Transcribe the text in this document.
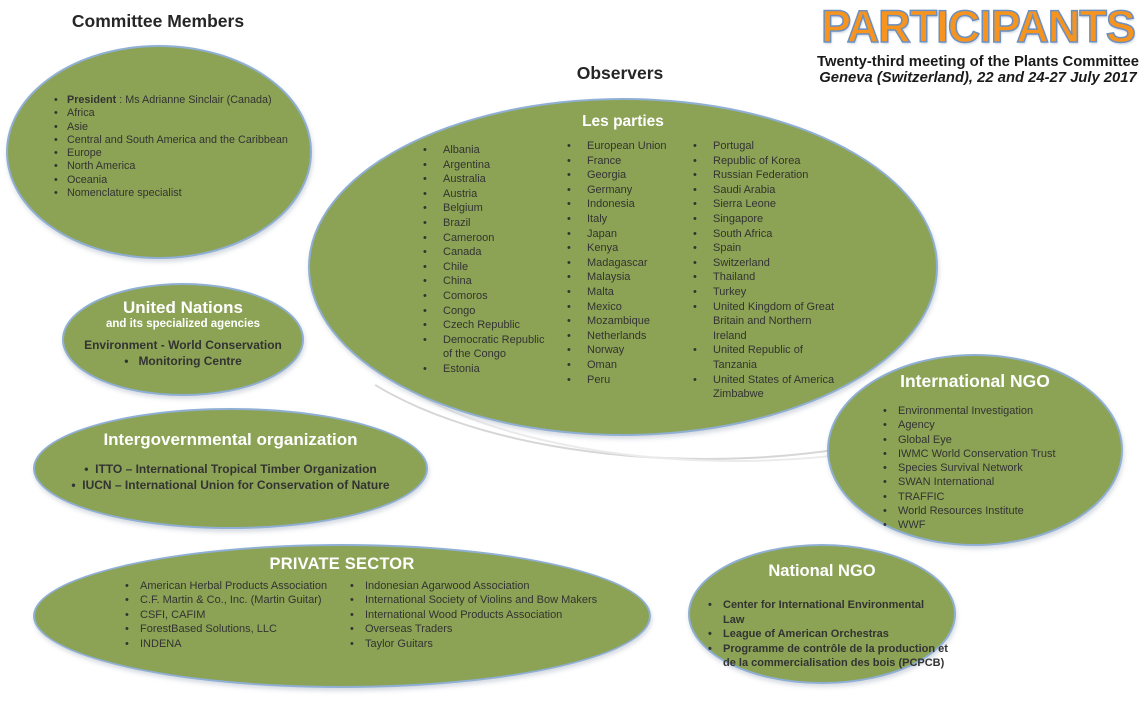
Committee Members
• President : Ms Adrianne Sinclair (Canada)
• Africa
• Asie
• Central and South America and the Caribbean
• Europe
• North America
• Oceania
• Nomenclature specialist
PARTICIPANTS
Twenty-third meeting of the Plants Committee
Geneva (Switzerland), 22 and 24-27 July 2017
Observers
Les parties
• Albania
• Argentina
• Australia
• Austria
• Belgium
• Brazil
• Cameroon
• Canada
• Chile
• China
• Comoros
• Congo
• Czech Republic
• Democratic Republic of the Congo
• Estonia
• European Union
• France
• Georgia
• Germany
• Indonesia
• Italy
• Japan
• Kenya
• Madagascar
• Malaysia
• Malta
• Mexico
• Mozambique
• Netherlands
• Norway
• Oman
• Peru
• Portugal
• Republic of Korea
• Russian Federation
• Saudi Arabia
• Sierra Leone
• Singapore
• South Africa
• Spain
• Switzerland
• Thailand
• Turkey
• United Kingdom of Great Britain and Northern Ireland
• United Republic of Tanzania
• United States of America
Zimbabwe
United Nations
and its specialized agencies
Environment - World Conservation
•   Monitoring Centre
Intergovernmental organization
•  ITTO – International Tropical Timber Organization
•  IUCN – International Union for Conservation of Nature
International NGO
• Environmental Investigation
• Agency
• Global Eye
• IWMC World Conservation Trust
• Species Survival Network
• SWAN International
• TRAFFIC
• World Resources Institute
• WWF
PRIVATE SECTOR
• American Herbal Products Association
• C.F. Martin & Co., Inc. (Martin Guitar)
• CSFI, CAFIM
• ForestBased Solutions, LLC
• INDENA
• Indonesian Agarwood Association
• International Society of Violins and Bow Makers
• International Wood Products Association
• Overseas Traders
• Taylor Guitars
National NGO
• Center for International Environmental Law
• League of American Orchestras
• Programme de contrôle de la production et de la commercialisation des bois (PCPCB)
